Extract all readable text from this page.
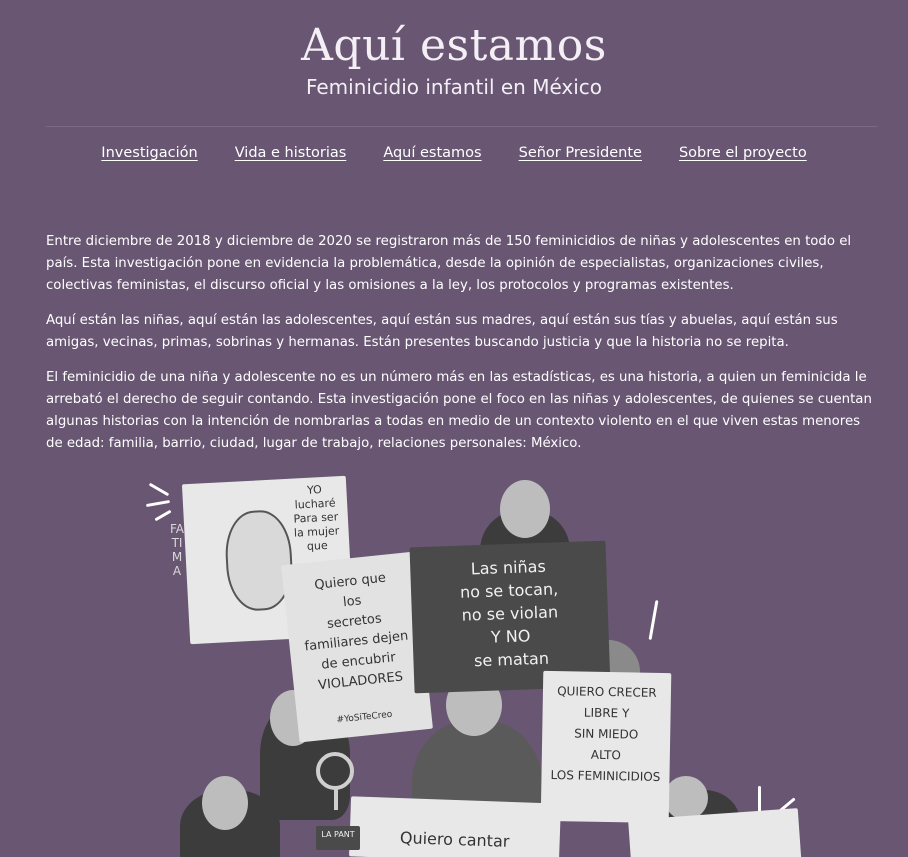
Aquí estamos
Feminicidio infantil en México
Investigación	Vida e historias	Aquí estamos	Señor Presidente	Sobre el proyecto

Entre diciembre de 2018 y diciembre de 2020 se registraron más de 150 feminicidios de niñas y adolescentes en todo el país. Esta investigación pone en evidencia la problemática, desde la opinión de especialistas, organizaciones civiles, colectivas feministas, el discurso oficial y las omisiones a la ley, los protocolos y programas existentes.

Aquí están las niñas, aquí están las adolescentes, aquí están sus madres, aquí están sus tías y abuelas, aquí están sus amigas, vecinas, primas, sobrinas y hermanas. Están presentes buscando justicia y que la historia no se repita.

El feminicidio de una niña y adolescente no es un número más en las estadísticas, es una historia, a quien un feminicida le arrebató el derecho de seguir contando. Esta investigación pone el foco en las niñas y adolescentes, de quienes se cuentan algunas historias con la intención de nombrarlas a todas en medio de un contexto violento en el que viven estas menores de edad: familia, barrio, ciudad, lugar de trabajo, relaciones personales: México.

YO
lucharé
Para ser
la mujer que
FATIMA	Quiero que
los
secretos
familiares dejen
de encubrir
VIOLADORES
#YoSiTeCreo
Las niñas
no se tocan,
no se violan
Y NO
se matan
QUIERO CRECER
LIBRE Y
SIN MIEDO
ALTO
LOS FEMINICIDIOS
Quiero cantar
LA PANT
